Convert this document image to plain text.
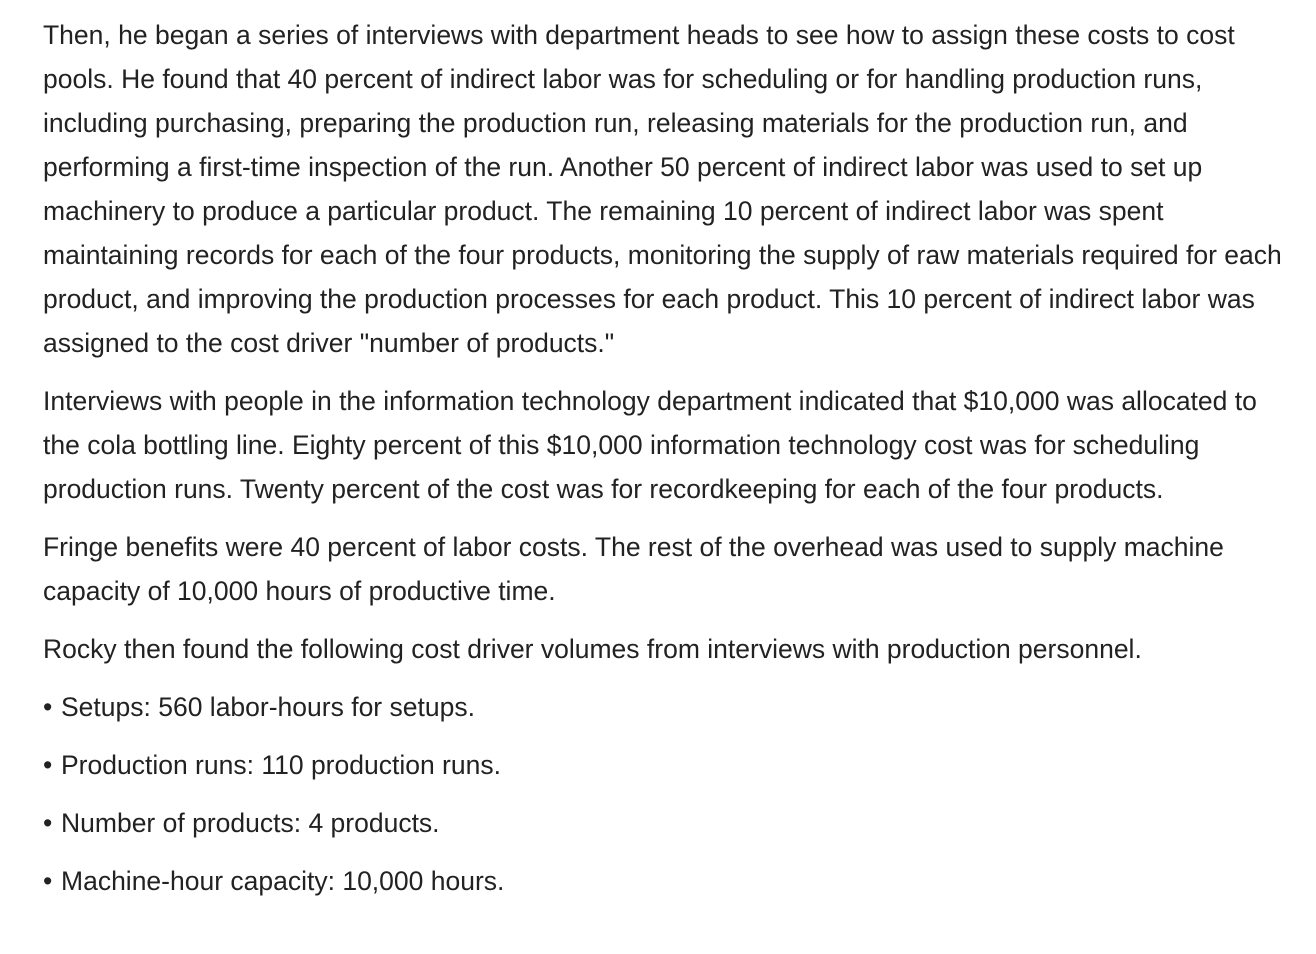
Then, he began a series of interviews with department heads to see how to assign these costs to cost pools. He found that 40 percent of indirect labor was for scheduling or for handling production runs, including purchasing, preparing the production run, releasing materials for the production run, and performing a first-time inspection of the run. Another 50 percent of indirect labor was used to set up machinery to produce a particular product. The remaining 10 percent of indirect labor was spent maintaining records for each of the four products, monitoring the supply of raw materials required for each product, and improving the production processes for each product. This 10 percent of indirect labor was assigned to the cost driver "number of products."

Interviews with people in the information technology department indicated that $10,000 was allocated to the cola bottling line. Eighty percent of this $10,000 information technology cost was for scheduling production runs. Twenty percent of the cost was for recordkeeping for each of the four products.

Fringe benefits were 40 percent of labor costs. The rest of the overhead was used to supply machine capacity of 10,000 hours of productive time.

Rocky then found the following cost driver volumes from interviews with production personnel.

• Setups: 560 labor-hours for setups.
• Production runs: 110 production runs.
• Number of products: 4 products.
• Machine-hour capacity: 10,000 hours.
